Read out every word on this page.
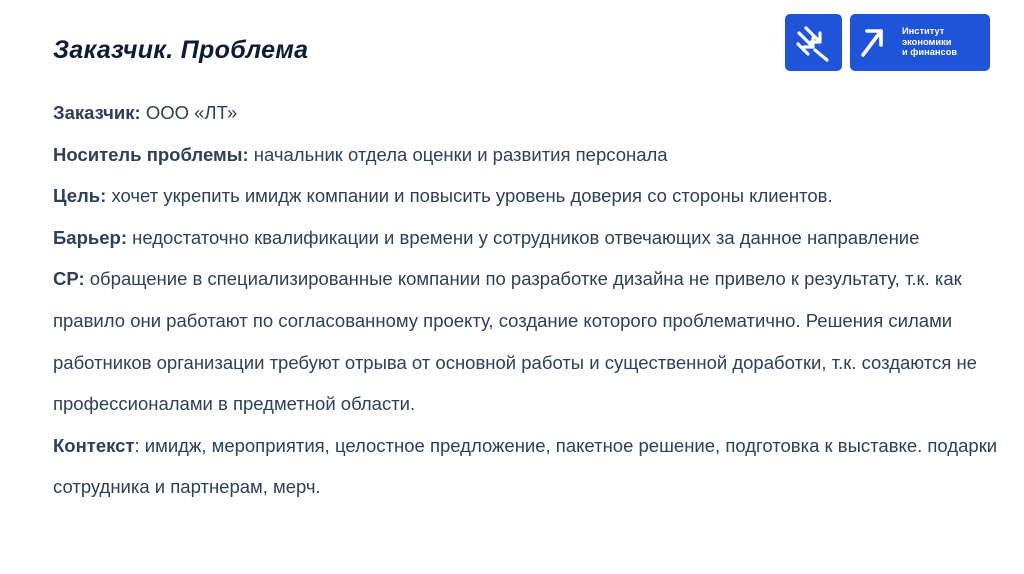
Заказчик. Проблема
Институт
экономики
и финансов

Заказчик: ООО «ЛТ»

Носитель проблемы: начальник отдела оценки и развития персонала

Цель: хочет укрепить имидж компании и повысить уровень доверия со стороны клиентов.

Барьер: недостаточно квалификации и времени у сотрудников отвечающих за данное направление

СР: обращение в специализированные компании по разработке дизайна не привело к результату, т.к. как правило они работают по согласованному проекту, создание которого проблематично. Решения силами работников организации требуют отрыва от основной работы и существенной доработки, т.к. создаются не профессионалами в предметной области.

Контекст: имидж, мероприятия, целостное предложение, пакетное решение, подготовка к выставке. подарки сотрудника и партнерам, мерч.
